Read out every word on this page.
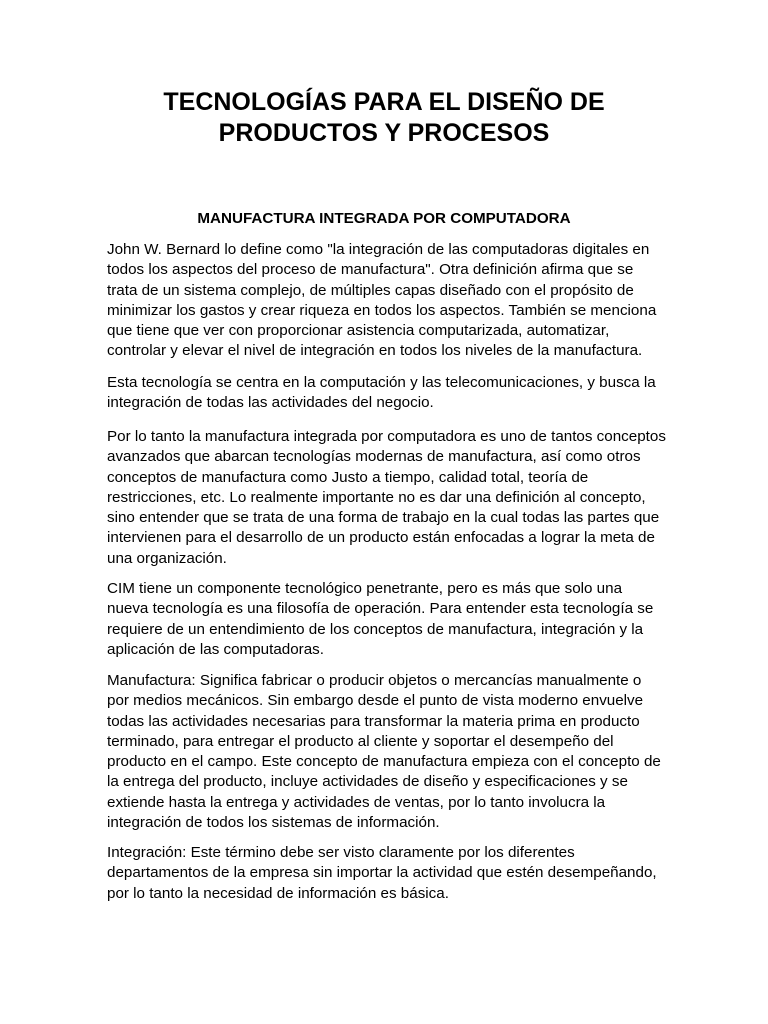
TECNOLOGÍAS PARA EL DISEÑO DE
PRODUCTOS Y PROCESOS
MANUFACTURA INTEGRADA POR COMPUTADORA

John W. Bernard lo define como "la integración de las computadoras digitales en
todos los aspectos del proceso de manufactura". Otra definición afirma que se
trata de un sistema complejo, de múltiples capas diseñado con el propósito de
minimizar los gastos y crear riqueza en todos los aspectos. También se menciona
que tiene que ver con proporcionar asistencia computarizada, automatizar,
controlar y elevar el nivel de integración en todos los niveles de la manufactura.

Esta tecnología se centra en la computación y las telecomunicaciones, y busca la
integración de todas las actividades del negocio.

Por lo tanto la manufactura integrada por computadora es uno de tantos conceptos
avanzados que abarcan tecnologías modernas de manufactura, así como otros
conceptos de manufactura como Justo a tiempo, calidad total, teoría de
restricciones, etc. Lo realmente importante no es dar una definición al concepto,
sino entender que se trata de una forma de trabajo en la cual todas las partes que
intervienen para el desarrollo de un producto están enfocadas a lograr la meta de
una organización.

CIM tiene un componente tecnológico penetrante, pero es más que solo una
nueva tecnología es una filosofía de operación. Para entender esta tecnología se
requiere de un entendimiento de los conceptos de manufactura, integración y la
aplicación de las computadoras.

Manufactura: Significa fabricar o producir objetos o mercancías manualmente o
por medios mecánicos. Sin embargo desde el punto de vista moderno envuelve
todas las actividades necesarias para transformar la materia prima en producto
terminado, para entregar el producto al cliente y soportar el desempeño del
producto en el campo. Este concepto de manufactura empieza con el concepto de
la entrega del producto, incluye actividades de diseño y especificaciones y se
extiende hasta la entrega y actividades de ventas, por lo tanto involucra la
integración de todos los sistemas de información.

Integración: Este término debe ser visto claramente por los diferentes
departamentos de la empresa sin importar la actividad que estén desempeñando,
por lo tanto la necesidad de información es básica.
